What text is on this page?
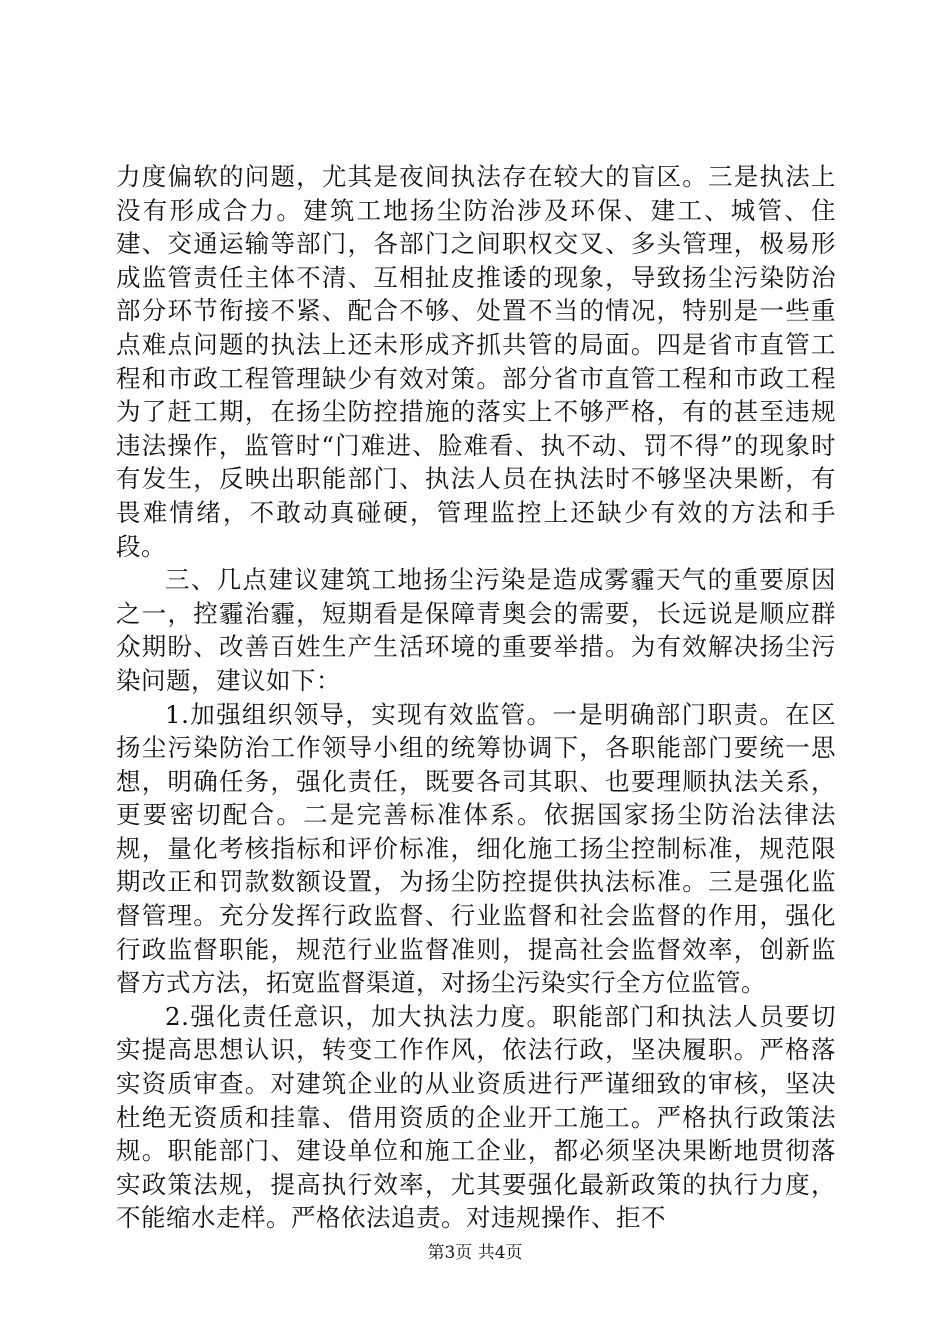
力度偏软的问题，尤其是夜间执法存在较大的盲区。三是执法上没有形成合力。建筑工地扬尘防治涉及环保、建工、城管、住建、交通运输等部门，各部门之间职权交叉、多头管理，极易形成监管责任主体不清、互相扯皮推诿的现象，导致扬尘污染防治部分环节衔接不紧、配合不够、处置不当的情况，特别是一些重点难点问题的执法上还未形成齐抓共管的局面。四是省市直管工程和市政工程管理缺少有效对策。部分省市直管工程和市政工程为了赶工期，在扬尘防控措施的落实上不够严格，有的甚至违规违法操作，监管时“门难进、脸难看、执不动、罚不得”的现象时有发生，反映出职能部门、执法人员在执法时不够坚决果断，有畏难情绪，不敢动真碰硬，管理监控上还缺少有效的方法和手段。

三、几点建议建筑工地扬尘污染是造成雾霾天气的重要原因之一，控霾治霾，短期看是保障青奥会的需要，长远说是顺应群众期盼、改善百姓生产生活环境的重要举措。为有效解决扬尘污染问题，建议如下：

1.加强组织领导，实现有效监管。一是明确部门职责。在区扬尘污染防治工作领导小组的统筹协调下，各职能部门要统一思想，明确任务，强化责任，既要各司其职、也要理顺执法关系，更要密切配合。二是完善标准体系。依据国家扬尘防治法律法规，量化考核指标和评价标准，细化施工扬尘控制标准，规范限期改正和罚款数额设置，为扬尘防控提供执法标准。三是强化监督管理。充分发挥行政监督、行业监督和社会监督的作用，强化行政监督职能，规范行业监督准则，提高社会监督效率，创新监督方式方法，拓宽监督渠道，对扬尘污染实行全方位监管。

2.强化责任意识，加大执法力度。职能部门和执法人员要切实提高思想认识，转变工作作风，依法行政，坚决履职。严格落实资质审查。对建筑企业的从业资质进行严谨细致的审核，坚决杜绝无资质和挂靠、借用资质的企业开工施工。严格执行政策法规。职能部门、建设单位和施工企业，都必须坚决果断地贯彻落实政策法规，提高执行效率，尤其要强化最新政策的执行力度，不能缩水走样。严格依法追责。对违规操作、拒不

第3页 共4页
